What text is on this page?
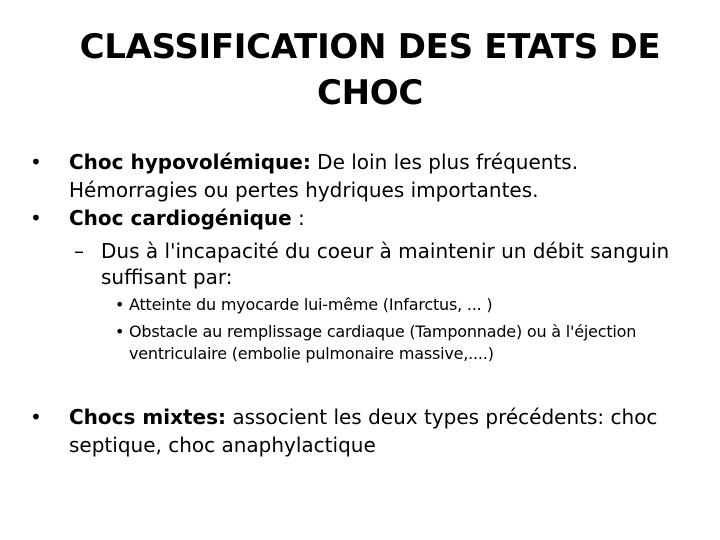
CLASSIFICATION DES ETATS DE
CHOC
•	Choc hypovolémique: De loin les plus fréquents. Hémorragies ou pertes hydriques importantes.
•	Choc cardiogénique :
– Dus à l'incapacité du coeur à maintenir un débit sanguin suffisant par:
• Atteinte du myocarde lui-même (Infarctus, ... )
• Obstacle au remplissage cardiaque (Tamponnade) ou à l'éjection ventriculaire (embolie pulmonaire massive,....)
•	Chocs mixtes: associent les deux types précédents: choc septique, choc anaphylactique
